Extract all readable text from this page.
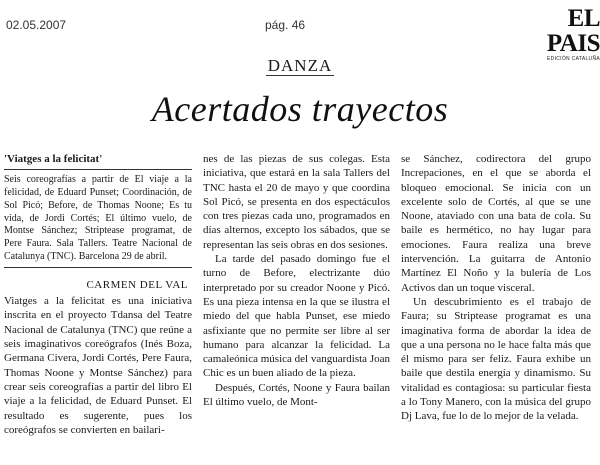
02.05.2007	pág. 46	EL PAIS
EDICIÓN CATALUÑA
DANZA
Acertados trayectos
'Viatges a la felicitat'
Seis coreografías a partir de El viaje a la felicidad, de Eduard Punset; Coordinación, de Sol Picó; Before, de Thomas Noone; Es tu vida, de Jordi Cortés; El último vuelo, de Montse Sánchez; Striptease programat, de Pere Faura. Sala Tallers. Teatre Nacional de Catalunya (TNC). Barcelona 29 de abril.
CARMEN DEL VAL

Viatges a la felicitat es una iniciativa inscrita en el proyecto Tdansa del Teatre Nacional de Catalunya (TNC) que reúne a seis imaginativos coreógrafos (Inés Boza, Germana Civera, Jordi Cortés, Pere Faura, Thomas Noone y Montse Sánchez) para crear seis coreografías a partir del libro El viaje a la felicidad, de Eduard Punset. El resultado es sugerente, pues los coreógrafos se convierten en bailari-

nes de las piezas de sus colegas. Esta iniciativa, que estará en la sala Tallers del TNC hasta el 20 de mayo y que coordina Sol Picó, se presenta en dos espectáculos con tres piezas cada uno, programados en días alternos, excepto los sábados, que se representan las seis obras en dos sesiones.

La tarde del pasado domingo fue el turno de Before, electrizante dúo interpretado por su creador Noone y Picó. Es una pieza intensa en la que se ilustra el miedo del que habla Punset, ese miedo asfixiante que no permite ser libre al ser humano para alcanzar la felicidad. La camaleónica música del vanguardista Joan Chic es un buen aliado de la pieza.

Después, Cortés, Noone y Faura bailan El último vuelo, de Mont-

se Sánchez, codirectora del grupo Increpaciones, en el que se aborda el bloqueo emocional. Se inicia con un excelente solo de Cortés, al que se une Noone, ataviado con una bata de cola. Su baile es hermético, no hay lugar para emociones. Faura realiza una breve intervención. La guitarra de Antonio Martínez El Noño y la bulería de Los Activos dan un toque visceral.

Un descubrimiento es el trabajo de Faura; su Striptease programat es una imaginativa forma de abordar la idea de que a una persona no le hace falta más que él mismo para ser feliz. Faura exhibe un baile que destila energía y dinamismo. Su vitalidad es contagiosa: su particular fiesta a lo Tony Manero, con la música del grupo Dj Lava, fue lo de lo mejor de la velada.
